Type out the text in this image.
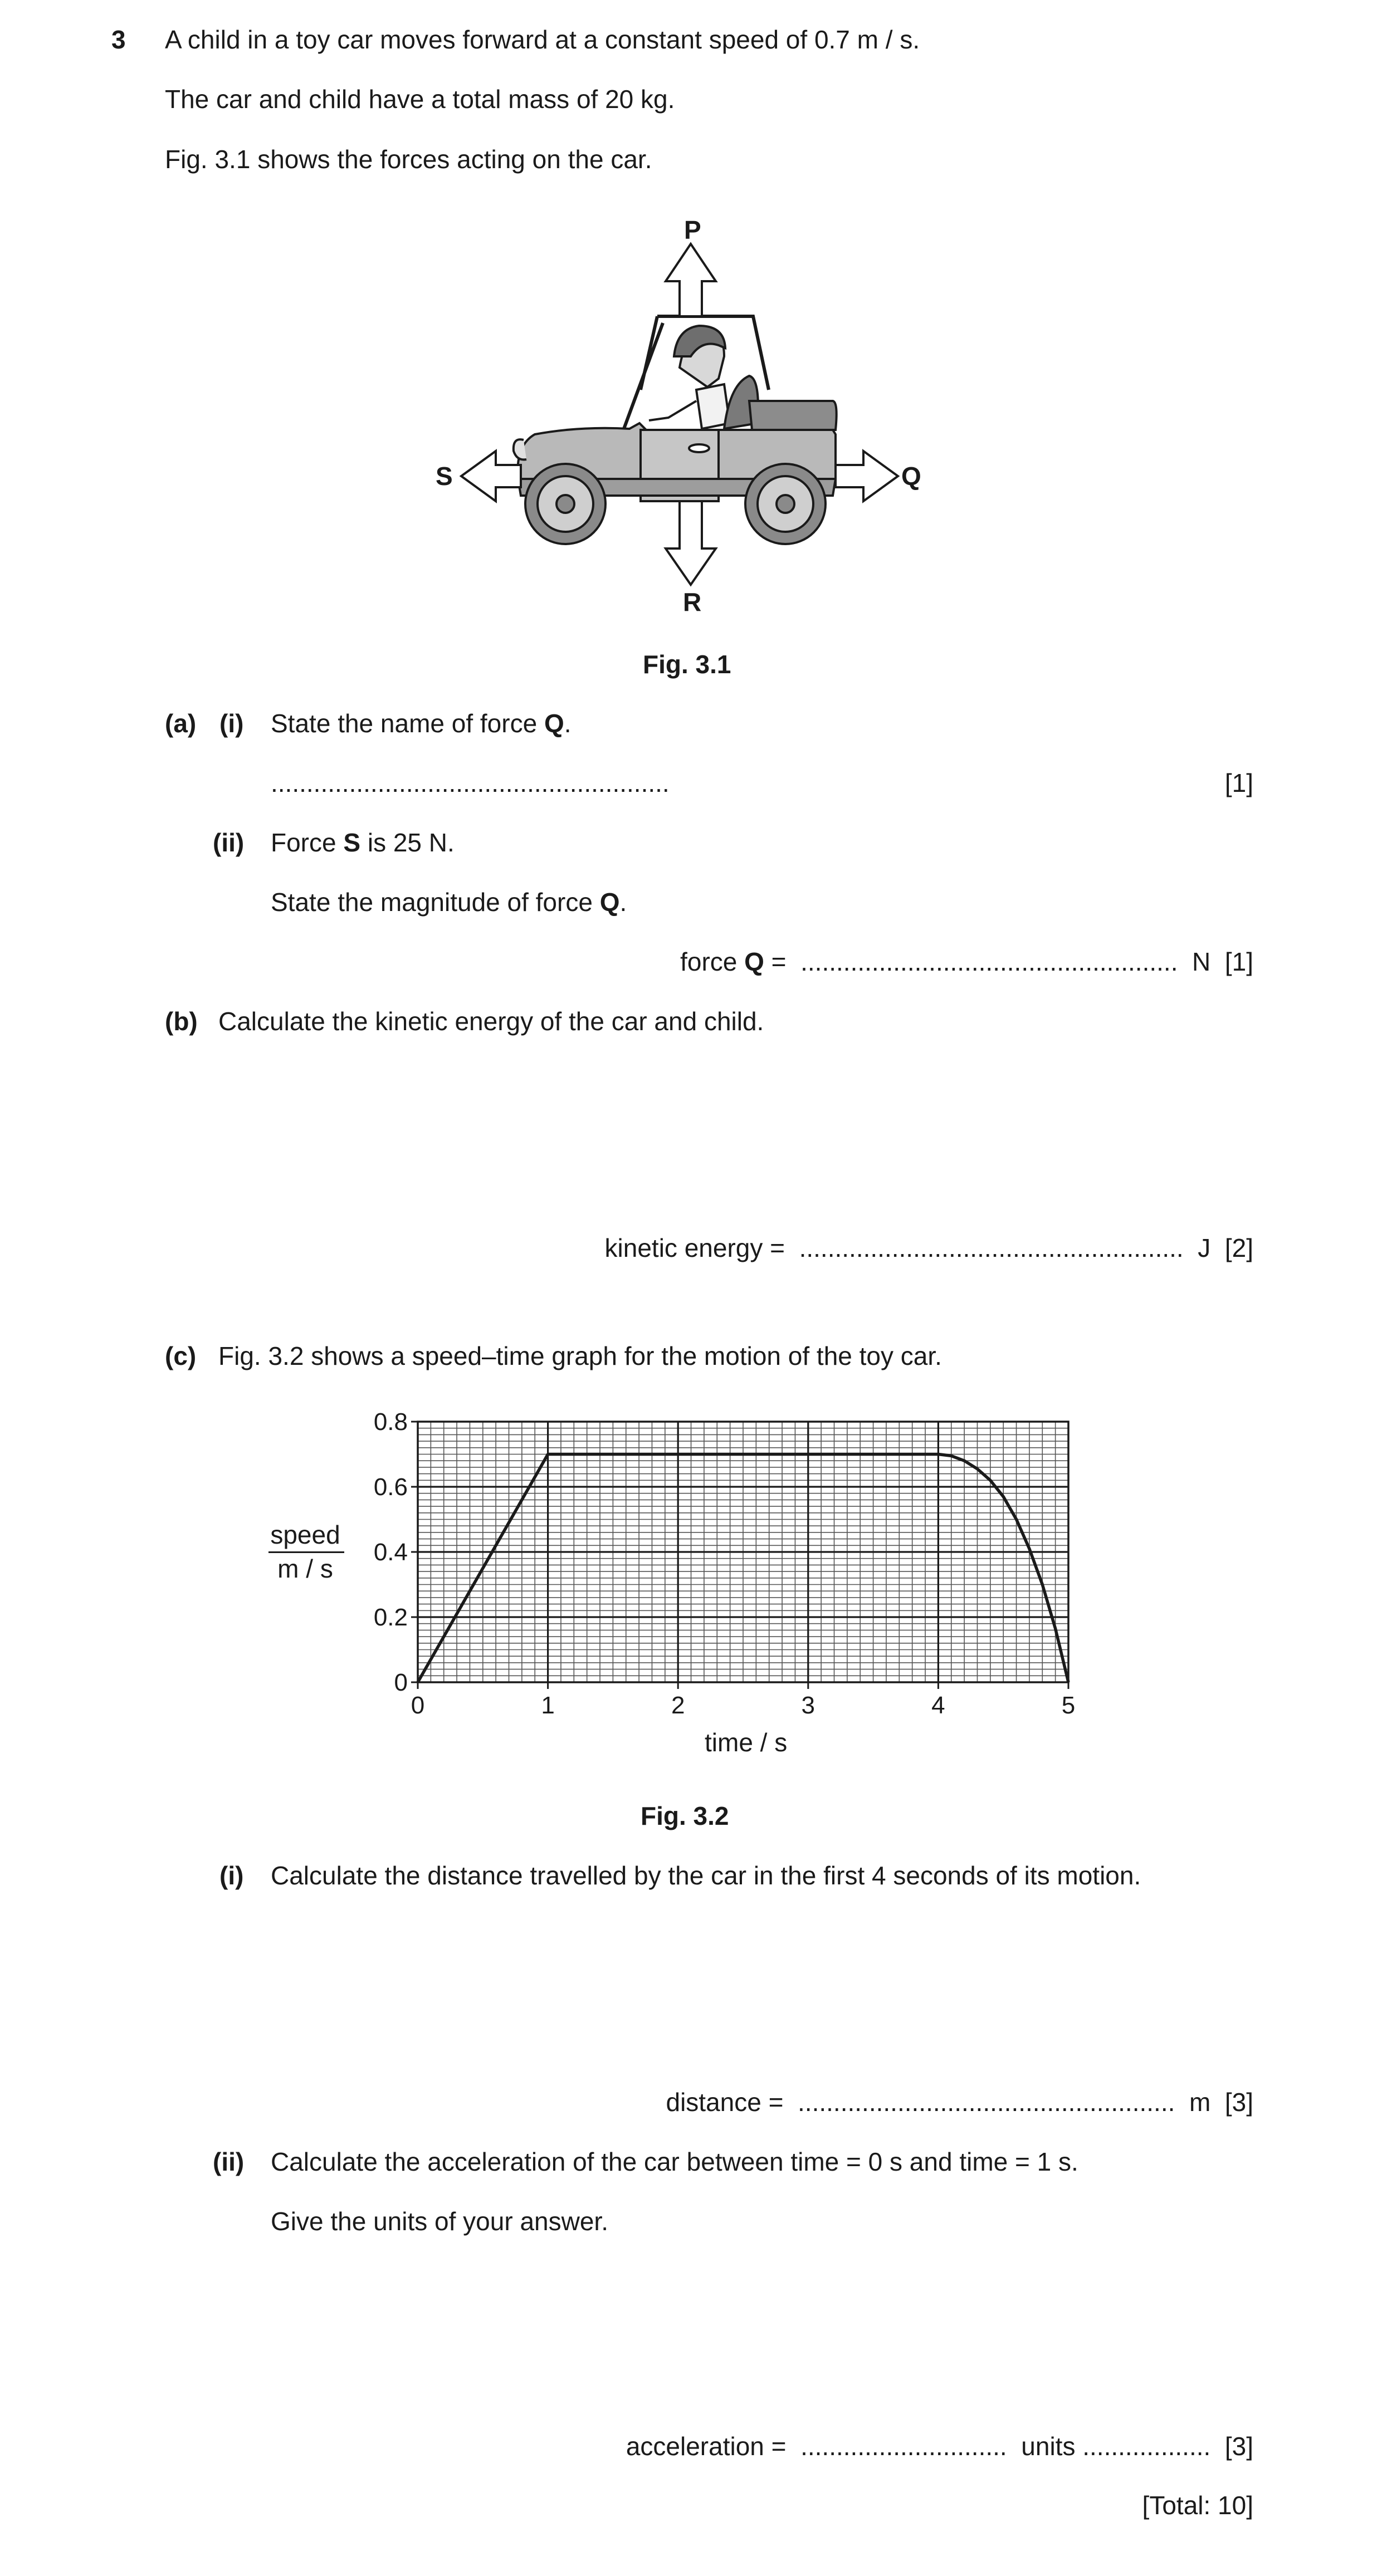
3 A child in a toy car moves forward at a constant speed of 0.7 m / s.
The car and child have a total mass of 20 kg.
Fig. 3.1 shows the forces acting on the car.
P
R
S	Q
Fig. 3.1
(a) (i) State the name of force Q.
........................................................	[1]
(ii) Force S is 25 N.
State the magnitude of force Q.
force Q = ..................................................... N [1]
(b) Calculate the kinetic energy of the car and child.
kinetic energy = ...................................................... J [2]
(c) Fig. 3.2 shows a speed–time graph for the motion of the toy car.
0	1	2	3	4	5
0
0.2
0.4
0.6
0.8
speed
m / s
time / s
Fig. 3.2
(i) Calculate the distance travelled by the car in the first 4 seconds of its motion.
distance = ..................................................... m [3]
(ii) Calculate the acceleration of the car between time = 0 s and time = 1 s.
Give the units of your answer.
acceleration = ............................. units .................. [3]
[Total: 10]
